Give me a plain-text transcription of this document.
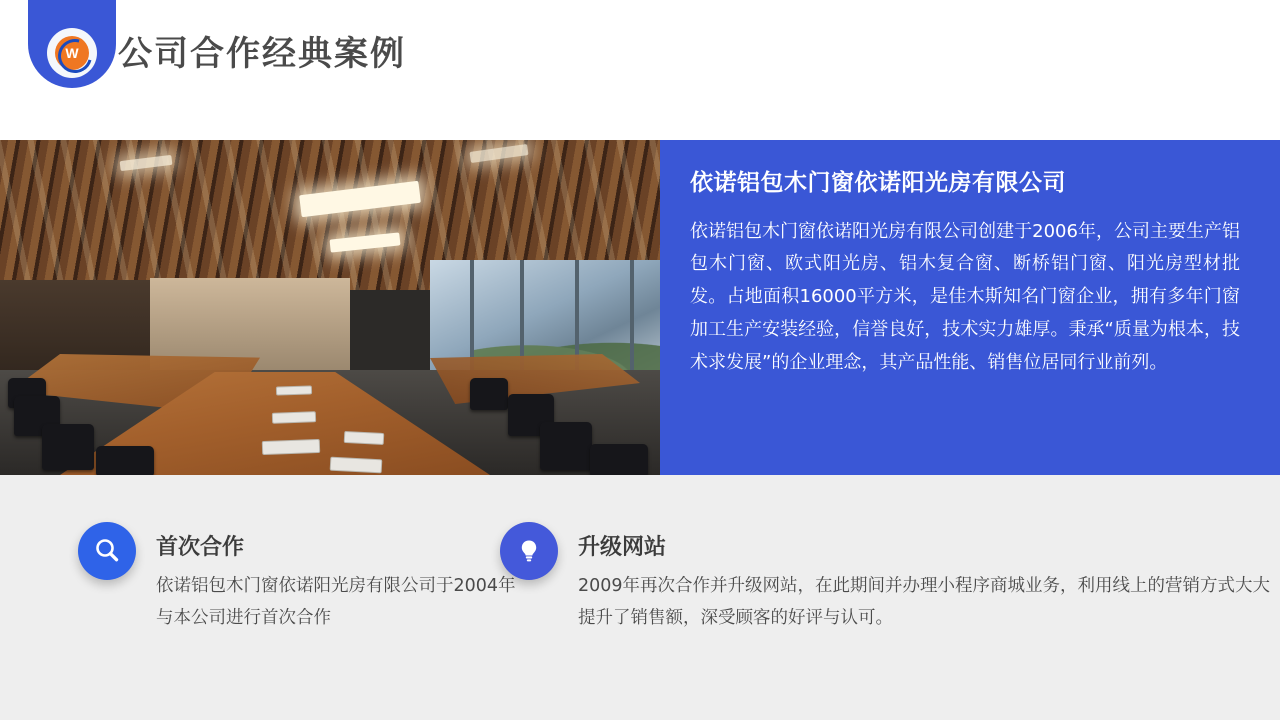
W 公司合作经典案例
依诺铝包木门窗依诺阳光房有限公司
依诺铝包木门窗依诺阳光房有限公司创建于2006年，公司主要生产铝包木门窗、欧式阳光房、铝木复合窗、断桥铝门窗、阳光房型材批发。占地面积16000平方米，是佳木斯知名门窗企业，拥有多年门窗加工生产安装经验，信誉良好，技术实力雄厚。秉承“质量为根本，技术求发展”的企业理念，其产品性能、销售位居同行业前列。
首次合作
依诺铝包木门窗依诺阳光房有限公司于2004年与本公司进行首次合作
升级网站
2009年再次合作并升级网站，在此期间并办理小程序商城业务，利用线上的营销方式大大提升了销售额，深受顾客的好评与认可。
